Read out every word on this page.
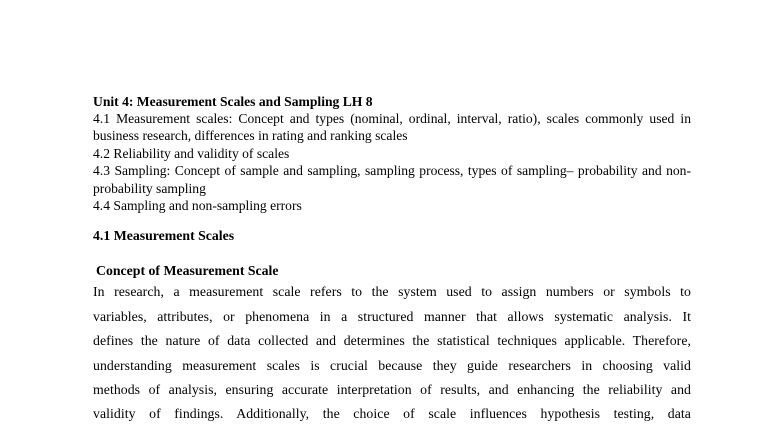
Unit 4: Measurement Scales and Sampling LH 8

4.1 Measurement scales: Concept and types (nominal, ordinal, interval, ratio), scales commonly used in business research, differences in rating and ranking scales

4.2 Reliability and validity of scales

4.3 Sampling: Concept of sample and sampling, sampling process, types of sampling– probability and non-probability sampling

4.4 Sampling and non-sampling errors

4.1 Measurement Scales

Concept of Measurement Scale

In research, a measurement scale refers to the system used to assign numbers or symbols to
variables, attributes, or phenomena in a structured manner that allows systematic analysis. It
defines the nature of data collected and determines the statistical techniques applicable. Therefore,
understanding measurement scales is crucial because they guide researchers in choosing valid
methods of analysis, ensuring accurate interpretation of results, and enhancing the reliability and
validity of findings. Additionally, the choice of scale influences hypothesis testing, data
